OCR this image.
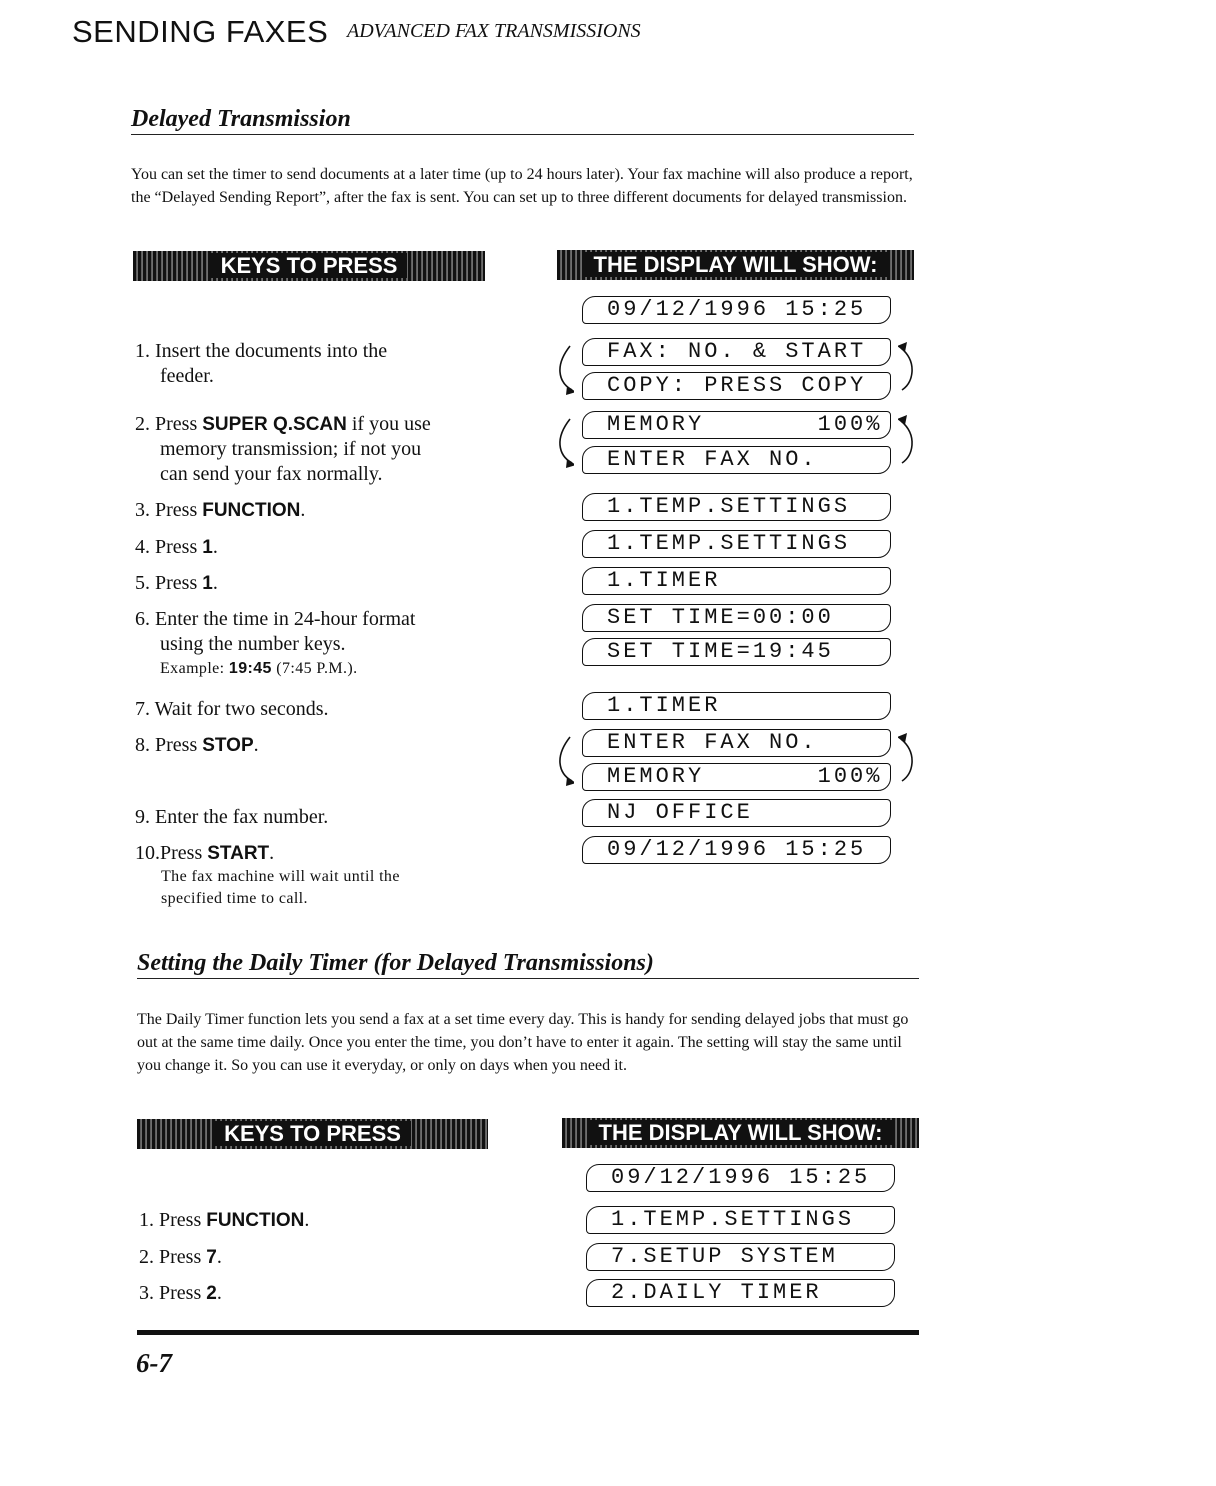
SENDING FAXES ADVANCED FAX TRANSMISSIONS
Delayed Transmission
You can set the timer to send documents at a later time (up to 24 hours later). Your fax machine will also produce a report, the “Delayed Sending Report”, after the fax is sent. You can set up to three different documents for delayed transmission.
KEYS TO PRESS	THE DISPLAY WILL SHOW:
1. Insert the documents into the
feeder.
2. Press SUPER Q.SCAN if you use
memory transmission; if not you
can send your fax normally.
3. Press FUNCTION.
4. Press 1.
5. Press 1.
6. Enter the time in 24-hour format
using the number keys.
Example: 19:45 (7:45 P.M.).
7. Wait for two seconds.
8. Press STOP.
9. Enter the fax number.
10.Press START.
The fax machine will wait until the
specified time to call.
09/12/1996 15:25
FAX: NO. & START
COPY: PRESS COPY
MEMORY       100%
ENTER FAX NO.
1.TEMP.SETTINGS
1.TEMP.SETTINGS
1.TIMER
SET TIME=00:00
SET TIME=19:45
1.TIMER
ENTER FAX NO.
MEMORY       100%
NJ OFFICE
09/12/1996 15:25
Setting the Daily Timer (for Delayed Transmissions)
The Daily Timer function lets you send a fax at a set time every day. This is handy for sending delayed jobs that must go out at the same time daily. Once you enter the time, you don’t have to enter it again. The setting will stay the same until you change it. So you can use it everyday, or only on days when you need it.
KEYS TO PRESS	THE DISPLAY WILL SHOW:
1. Press FUNCTION.
2. Press 7.
3. Press 2.
09/12/1996 15:25
1.TEMP.SETTINGS
7.SETUP SYSTEM
2.DAILY TIMER
6-7
